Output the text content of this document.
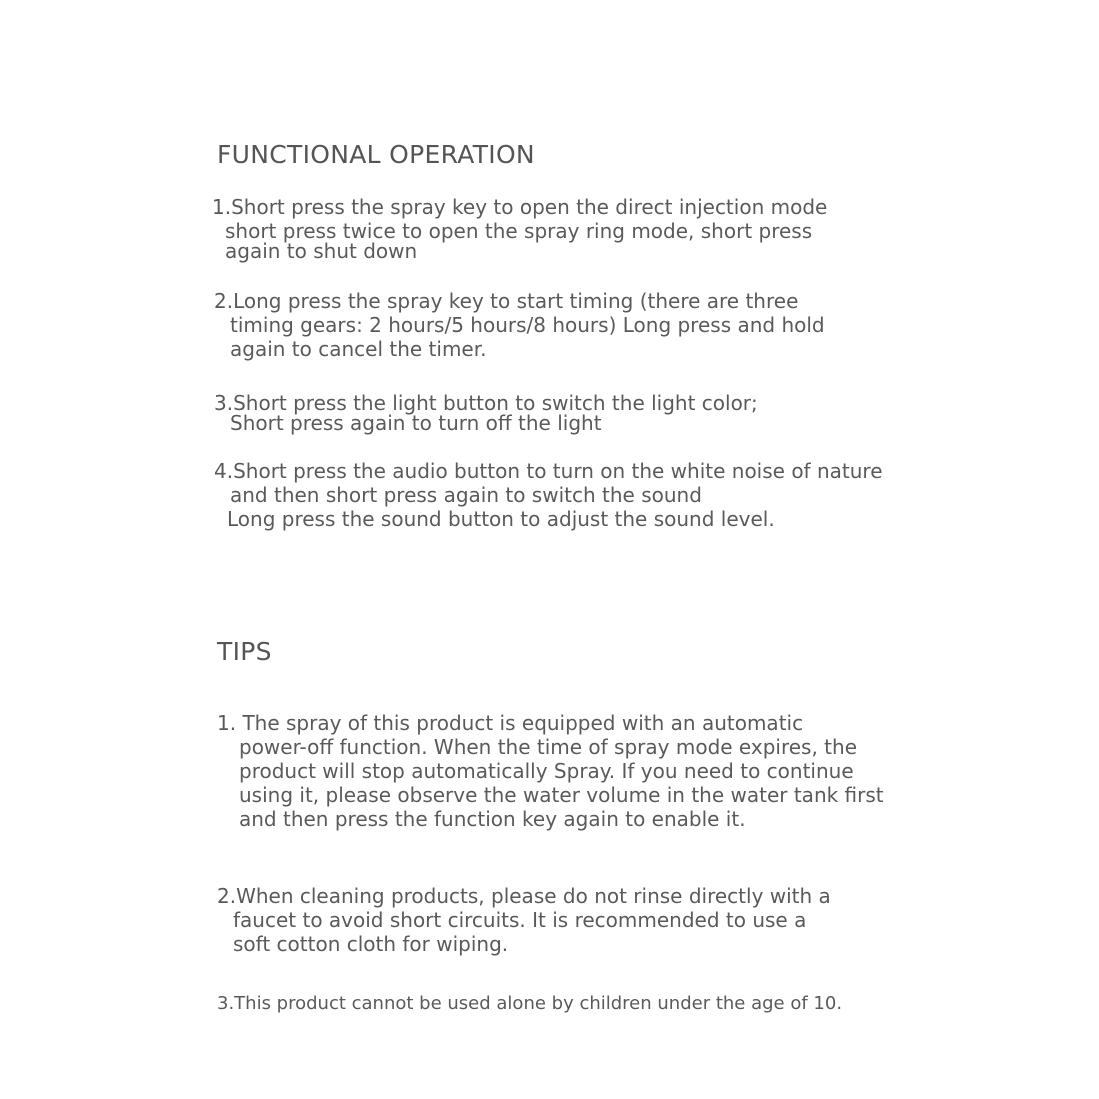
FUNCTIONAL OPERATION
1.Short press the spray key to open the direct injection mode
short press twice to open the spray ring mode, short press
again to shut down
2.Long press the spray key to start timing (there are three
timing gears: 2 hours/5 hours/8 hours) Long press and hold
again to cancel the timer.
3.Short press the light button to switch the light color;
Short press again to turn off the light
4.Short press the audio button to turn on the white noise of nature
and then short press again to switch the sound
Long press the sound button to adjust the sound level.
TIPS
1. The spray of this product is equipped with an automatic
power-off function. When the time of spray mode expires, the
product will stop automatically Spray. If you need to continue
using it, please observe the water volume in the water tank first
and then press the function key again to enable it.
2.When cleaning products, please do not rinse directly with a
faucet to avoid short circuits. It is recommended to use a
soft cotton cloth for wiping.
3.This product cannot be used alone by children under the age of 10.
